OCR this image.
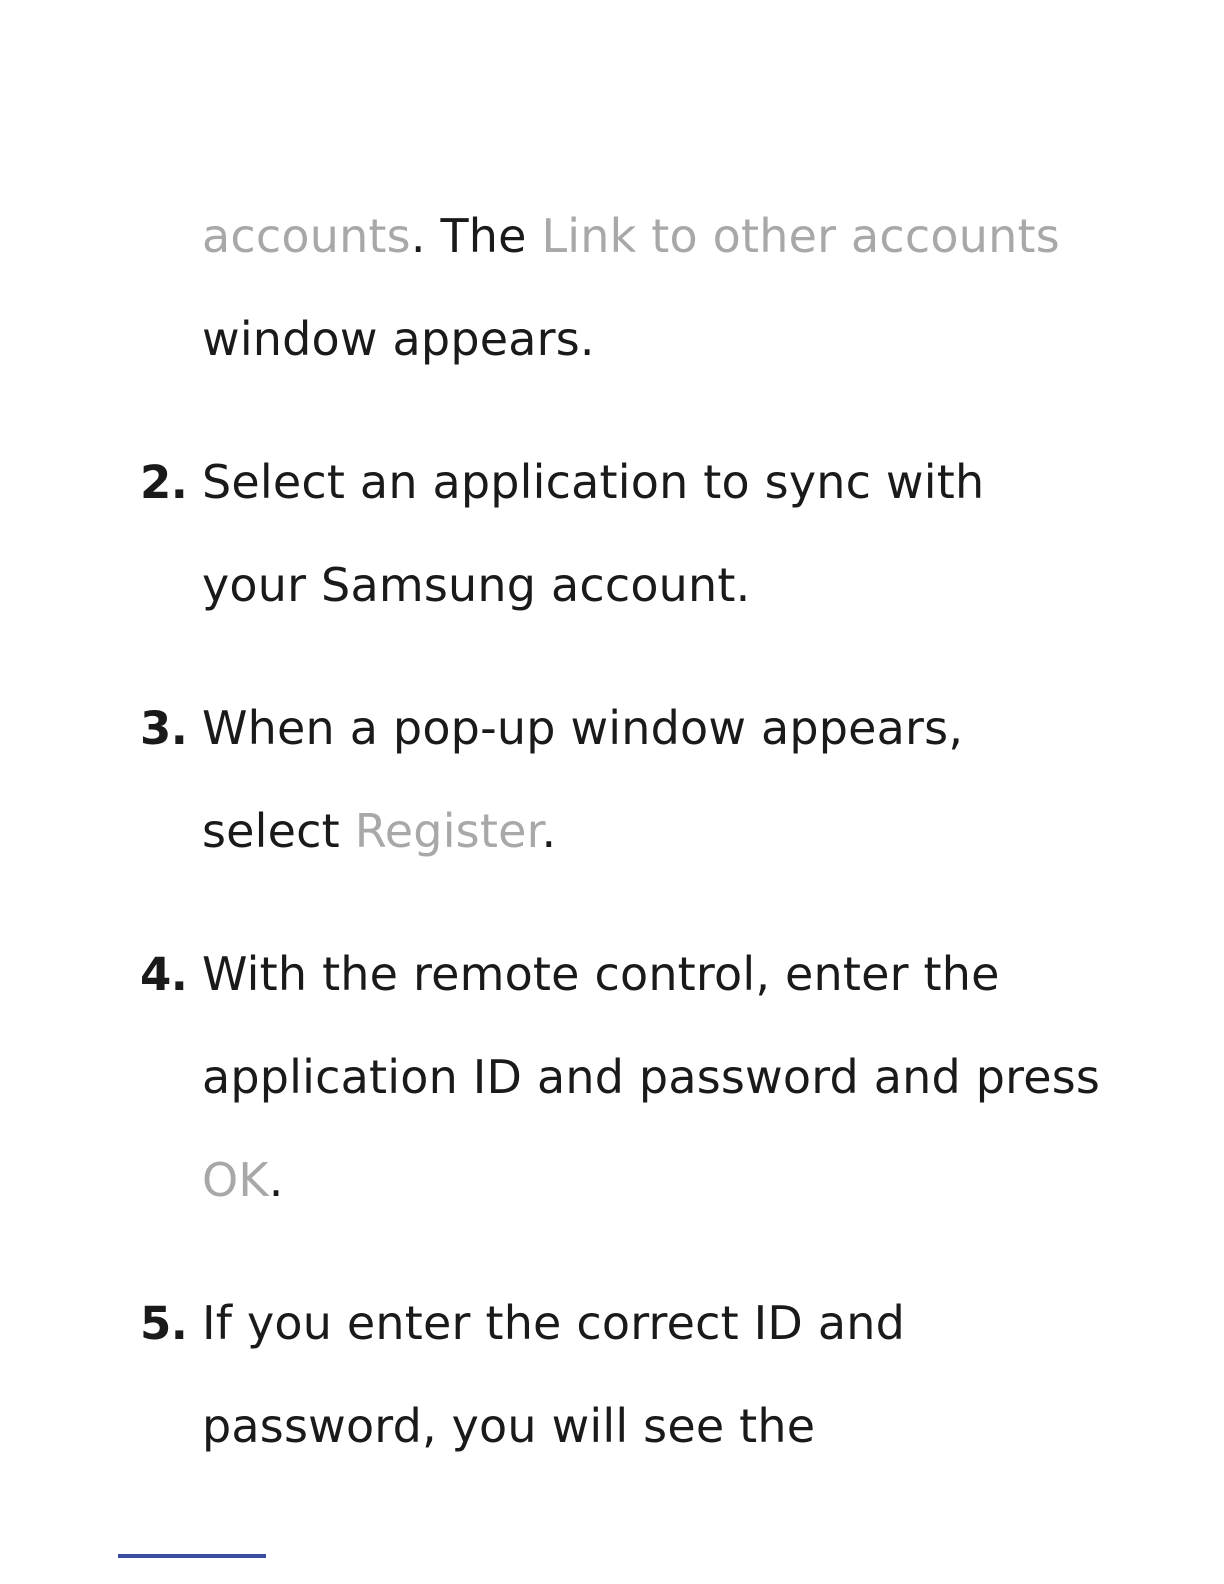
accounts. The Link to other accounts window appears.
2. Select an application to sync with your Samsung account.
3. When a pop-up window appears, select Register.
4. With the remote control, enter the application ID and password and press OK.
5. If you enter the correct ID and password, you will see the
